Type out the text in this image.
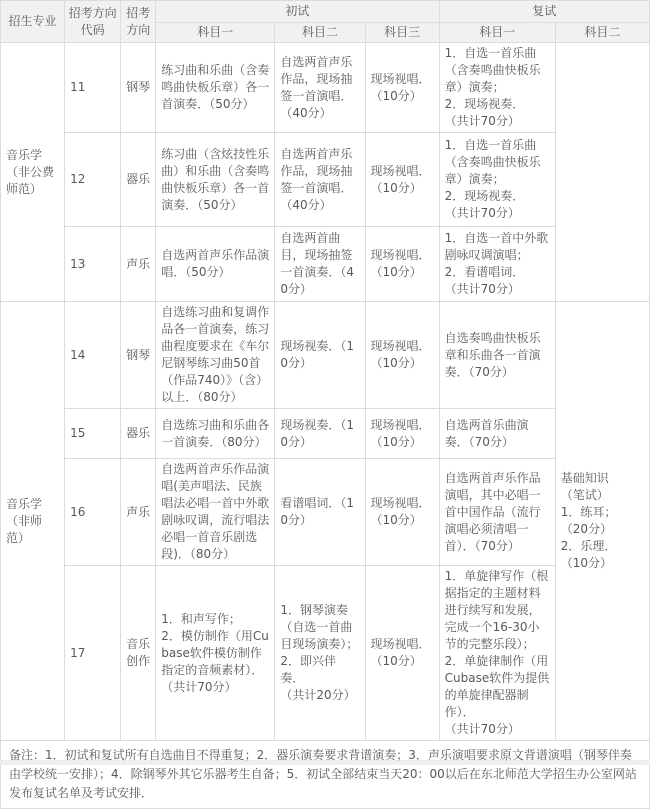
招生专业	招考方向代码	招考方向	初试			复试	
			科目一	科目二	科目三	科目一	科目二
音乐学（非公费师范）	11	钢琴	练习曲和乐曲（含奏鸣曲快板乐章）各一首演奏．（50分）	自选两首声乐作品，现场抽签一首演唱．（40分）	现场视唱．（10分）	1．自选一首乐曲（含奏鸣曲快板乐章）演奏；
2．现场视奏．
（共计70分）	
	12	器乐	练习曲（含炫技性乐曲）和乐曲（含奏鸣曲快板乐章）各一首演奏．（50分）	自选两首声乐作品，现场抽签一首演唱．（40分）	现场视唱．（10分）	1．自选一首乐曲（含奏鸣曲快板乐章）演奏；
2．现场视奏．
（共计70分）	
	13	声乐	自选两首声乐作品演唱．（50分）	自选两首曲目，现场抽签一首演奏．（40分）	现场视唱．（10分）	1．自选一首中外歌剧咏叹调演唱；
2．看谱唱词．
（共计70分）	
音乐学（非师范）	14	钢琴	自选练习曲和复调作品各一首演奏，练习曲程度要求在《车尔尼钢琴练习曲50首（作品740）》（含）以上．（80分）	现场视奏．（10分）	现场视唱．（10分）	自选奏鸣曲快板乐章和乐曲各一首演奏．（70分）	基础知识
（笔试）
1．练耳；
（20分）
2．乐理．
（10分）
	15	器乐	自选练习曲和乐曲各一首演奏．（80分）	现场视奏．（10分）	现场视唱．（10分）	自选两首乐曲演奏．（70分）	
	16	声乐	自选两首声乐作品演唱(美声唱法、民族唱法必唱一首中外歌剧咏叹调，流行唱法必唱一首音乐剧选段)．（80分）	看谱唱词．（10分）	现场视唱．（10分）	自选两首声乐作品演唱，其中必唱一首中国作品（流行演唱必须清唱一首）．（70分）	
	17	音乐创作	1．和声写作；
2．模仿制作（用Cubase软件模仿制作指定的音频素材）．
（共计70分）	1．钢琴演奏（自选一首曲目现场演奏）；
2．即兴伴奏．
（共计20分）	现场视唱．（10分）	1．单旋律写作（根据指定的主题材料进行续写和发展，完成一个16-30小节的完整乐段）；
2．单旋律制作（用Cubase软件为提供的单旋律配器制作）．
（共计70分）	
备注：1．初试和复试所有自选曲目不得重复；2．器乐演奏要求背谱演奏；3．声乐演唱要求原文背谱演唱（钢琴伴奏由学校统一安排）；4．除钢琴外其它乐器考生自备；5．初试全部结束当天20：00以后在东北师范大学招生办公室网站发布复试名单及考试安排．							
